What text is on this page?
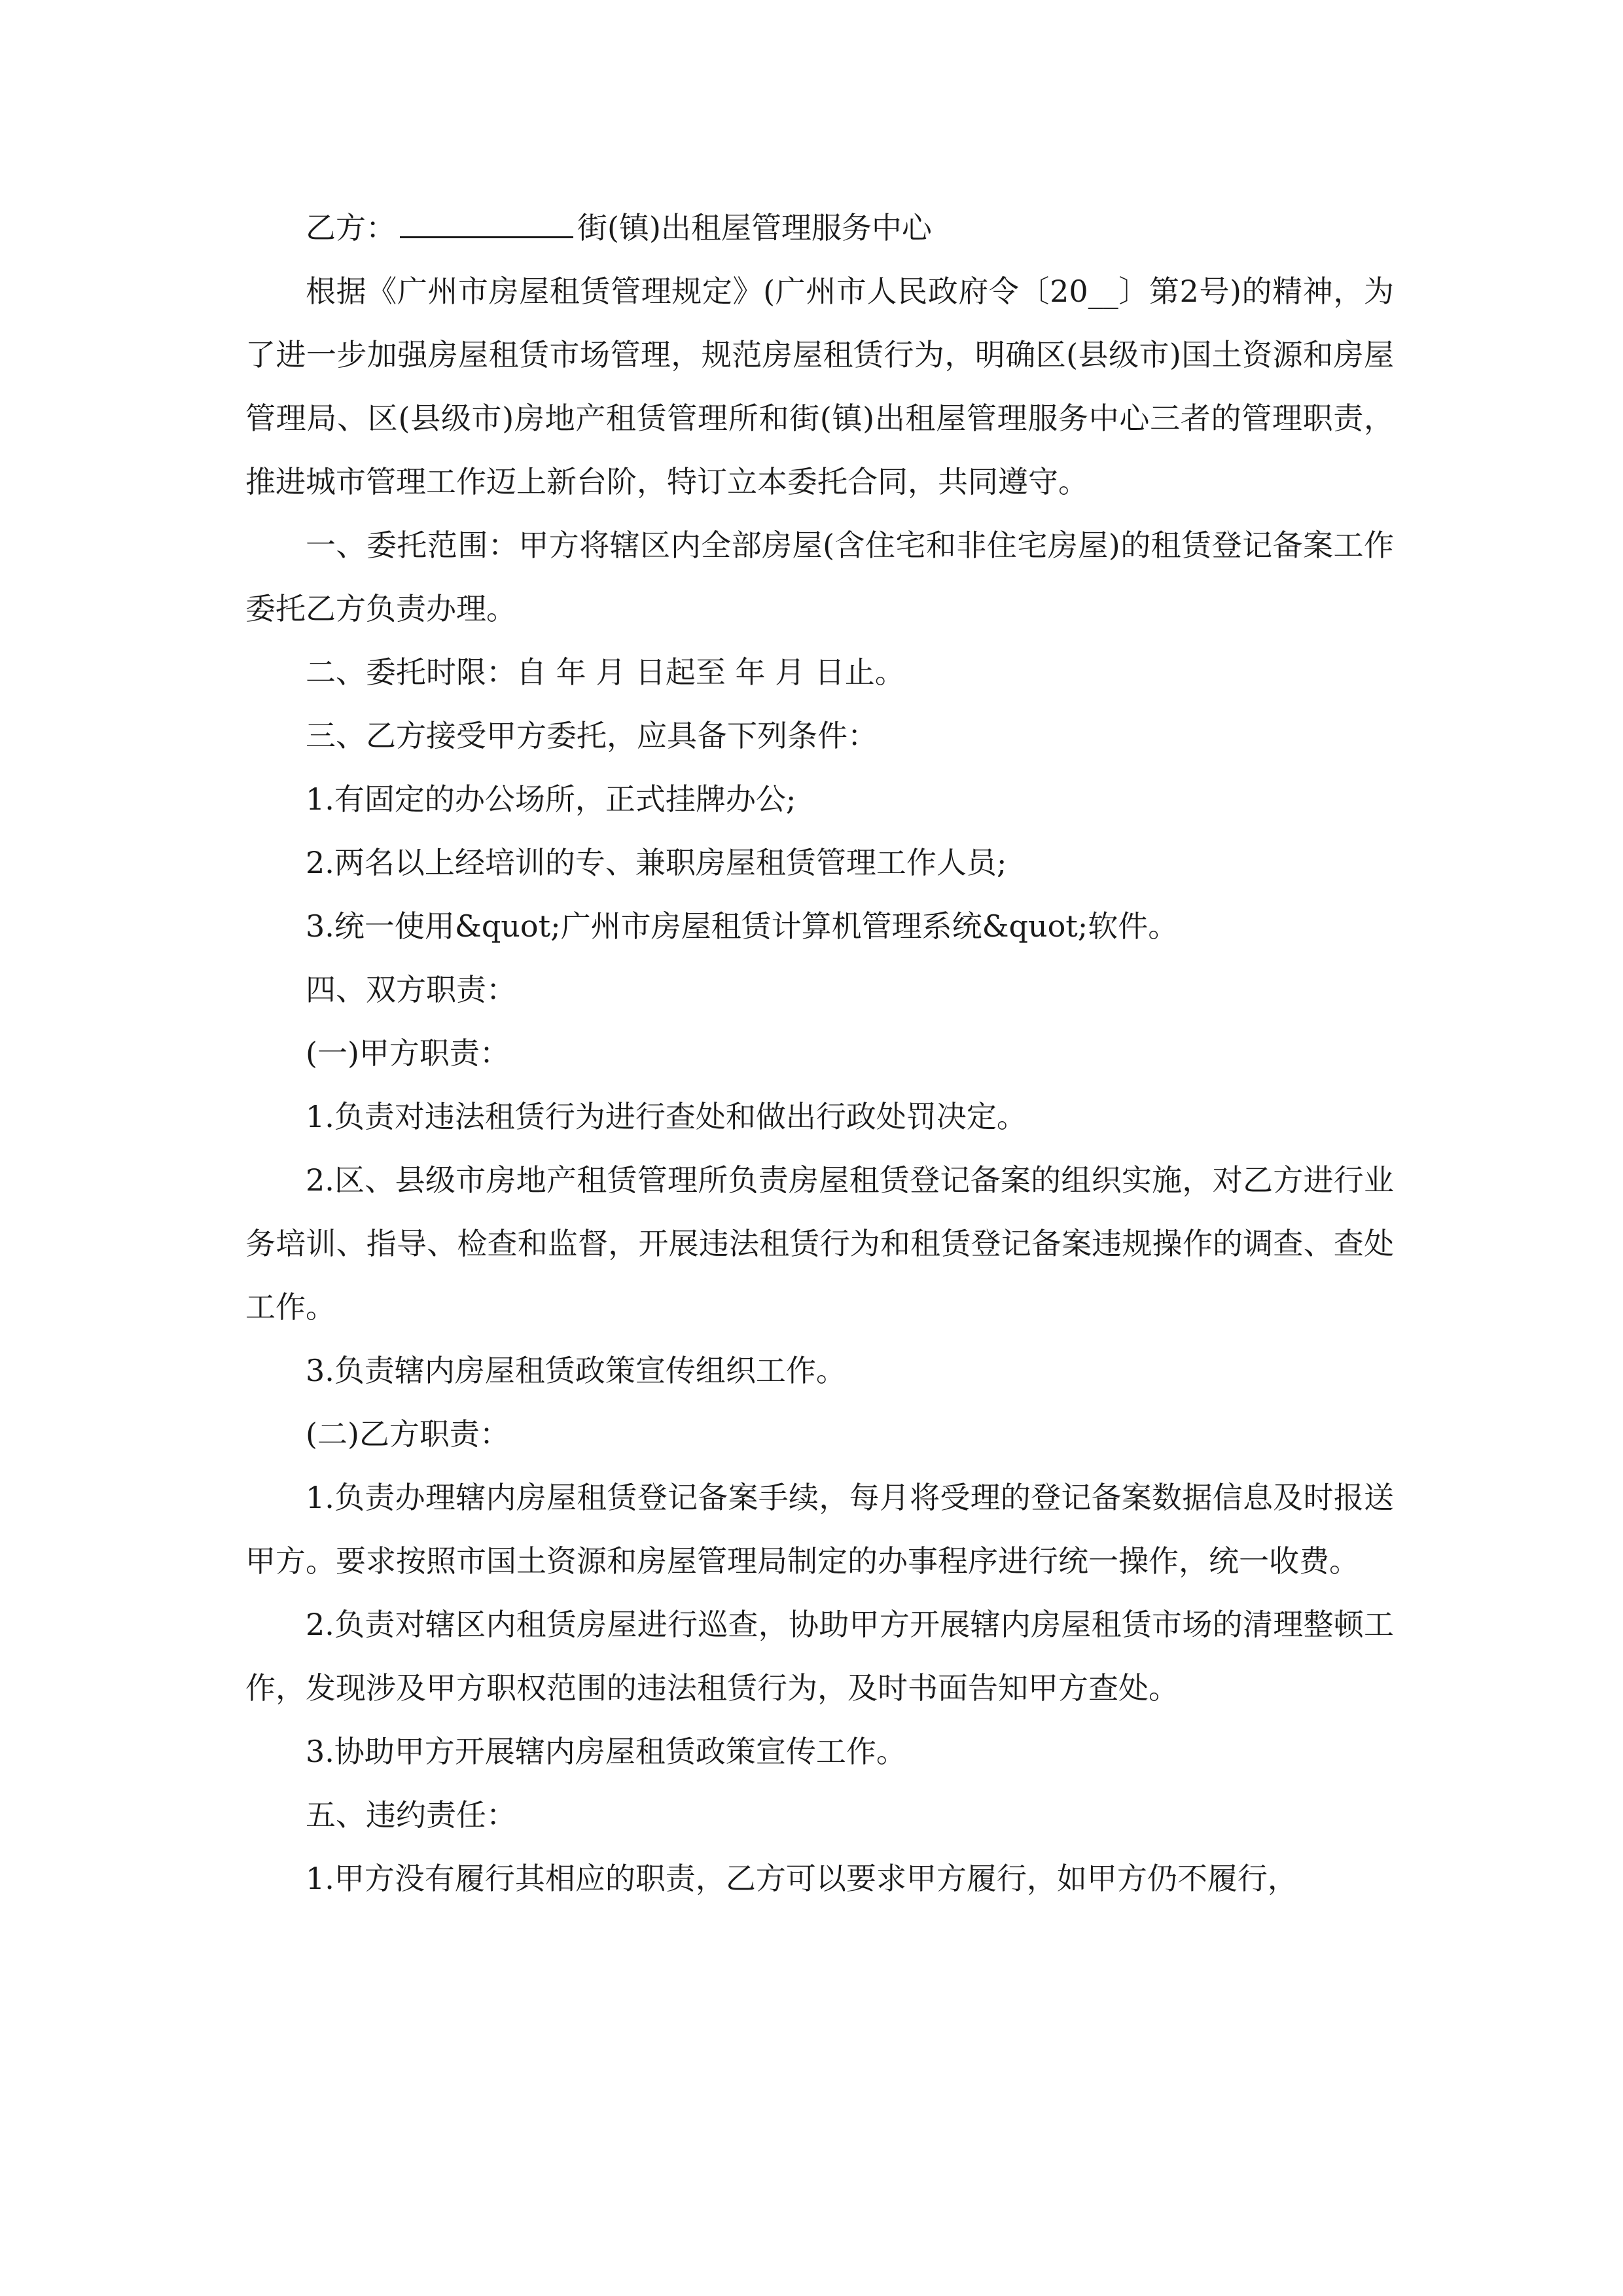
乙方：	街(镇)出租屋管理服务中心

根据《广州市房屋租赁管理规定》(广州市人民政府令〔20__〕第2号)的精神，为了进一步加强房屋租赁市场管理，规范房屋租赁行为，明确区(县级市)国土资源和房屋管理局、区(县级市)房地产租赁管理所和街(镇)出租屋管理服务中心三者的管理职责，推进城市管理工作迈上新台阶，特订立本委托合同，共同遵守。

一、委托范围：甲方将辖区内全部房屋(含住宅和非住宅房屋)的租赁登记备案工作委托乙方负责办理。

二、委托时限：自 年 月 日起至 年 月 日止。

三、乙方接受甲方委托，应具备下列条件：

1.有固定的办公场所，正式挂牌办公;

2.两名以上经培训的专、兼职房屋租赁管理工作人员;

3.统一使用&quot;广州市房屋租赁计算机管理系统&quot;软件。

四、双方职责：

(一)甲方职责：

1.负责对违法租赁行为进行查处和做出行政处罚决定。

2.区、县级市房地产租赁管理所负责房屋租赁登记备案的组织实施，对乙方进行业务培训、指导、检查和监督，开展违法租赁行为和租赁登记备案违规操作的调查、查处工作。

3.负责辖内房屋租赁政策宣传组织工作。

(二)乙方职责：

1.负责办理辖内房屋租赁登记备案手续，每月将受理的登记备案数据信息及时报送甲方。要求按照市国土资源和房屋管理局制定的办事程序进行统一操作，统一收费。

2.负责对辖区内租赁房屋进行巡查，协助甲方开展辖内房屋租赁市场的清理整顿工作，发现涉及甲方职权范围的违法租赁行为，及时书面告知甲方查处。

3.协助甲方开展辖内房屋租赁政策宣传工作。

五、违约责任：

1.甲方没有履行其相应的职责，乙方可以要求甲方履行，如甲方仍不履行，
